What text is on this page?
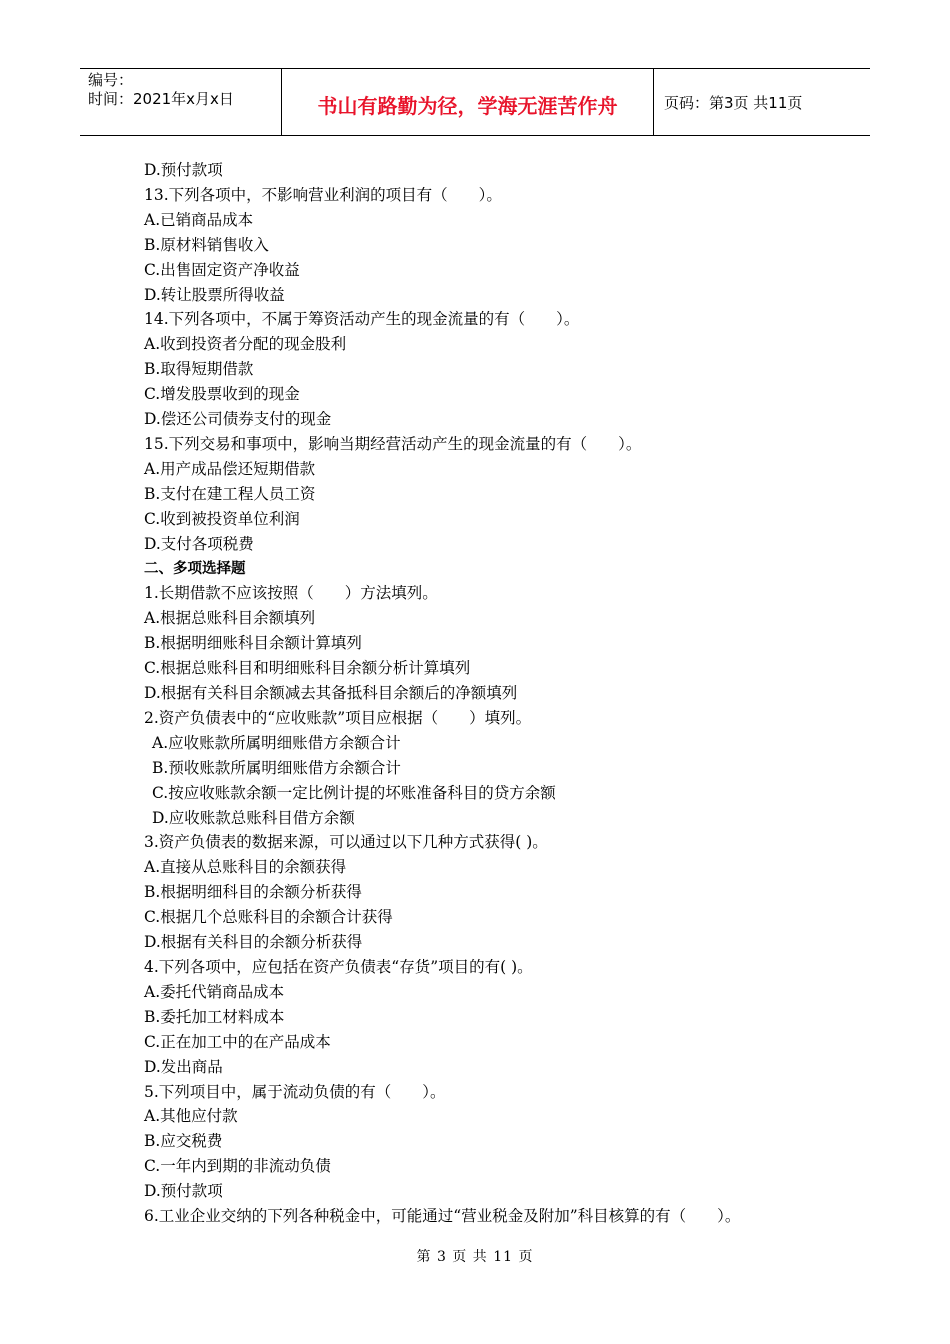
编号：
时间：2021年x月x日	书山有路勤为径，学海无涯苦作舟	页码：第3页 共11页
D.预付款项
13.下列各项中，不影响营业利润的项目有（　　）。
A.已销商品成本
B.原材料销售收入
C.出售固定资产净收益
D.转让股票所得收益
14.下列各项中，不属于筹资活动产生的现金流量的有（　　）。
A.收到投资者分配的现金股利
B.取得短期借款
C.增发股票收到的现金
D.偿还公司债券支付的现金
15.下列交易和事项中，影响当期经营活动产生的现金流量的有（　　）。
A.用产成品偿还短期借款
B.支付在建工程人员工资
C.收到被投资单位利润
D.支付各项税费
二、多项选择题
1.长期借款不应该按照（　　）方法填列。
A.根据总账科目余额填列
B.根据明细账科目余额计算填列
C.根据总账科目和明细账科目余额分析计算填列
D.根据有关科目余额减去其备抵科目余额后的净额填列
2.资产负债表中的“应收账款”项目应根据（　　）填列。
A.应收账款所属明细账借方余额合计
B.预收账款所属明细账借方余额合计
C.按应收账款余额一定比例计提的坏账准备科目的贷方余额
D.应收账款总账科目借方余额
3.资产负债表的数据来源，可以通过以下几种方式获得( )。
A.直接从总账科目的余额获得
B.根据明细科目的余额分析获得
C.根据几个总账科目的余额合计获得
D.根据有关科目的余额分析获得
4.下列各项中，应包括在资产负债表“存货”项目的有( )。
A.委托代销商品成本
B.委托加工材料成本
C.正在加工中的在产品成本
D.发出商品
5.下列项目中，属于流动负债的有（　　）。
A.其他应付款
B.应交税费
C.一年内到期的非流动负债
D.预付款项
6.工业企业交纳的下列各种税金中，可能通过“营业税金及附加”科目核算的有（　　）。
第 3 页 共 11 页
